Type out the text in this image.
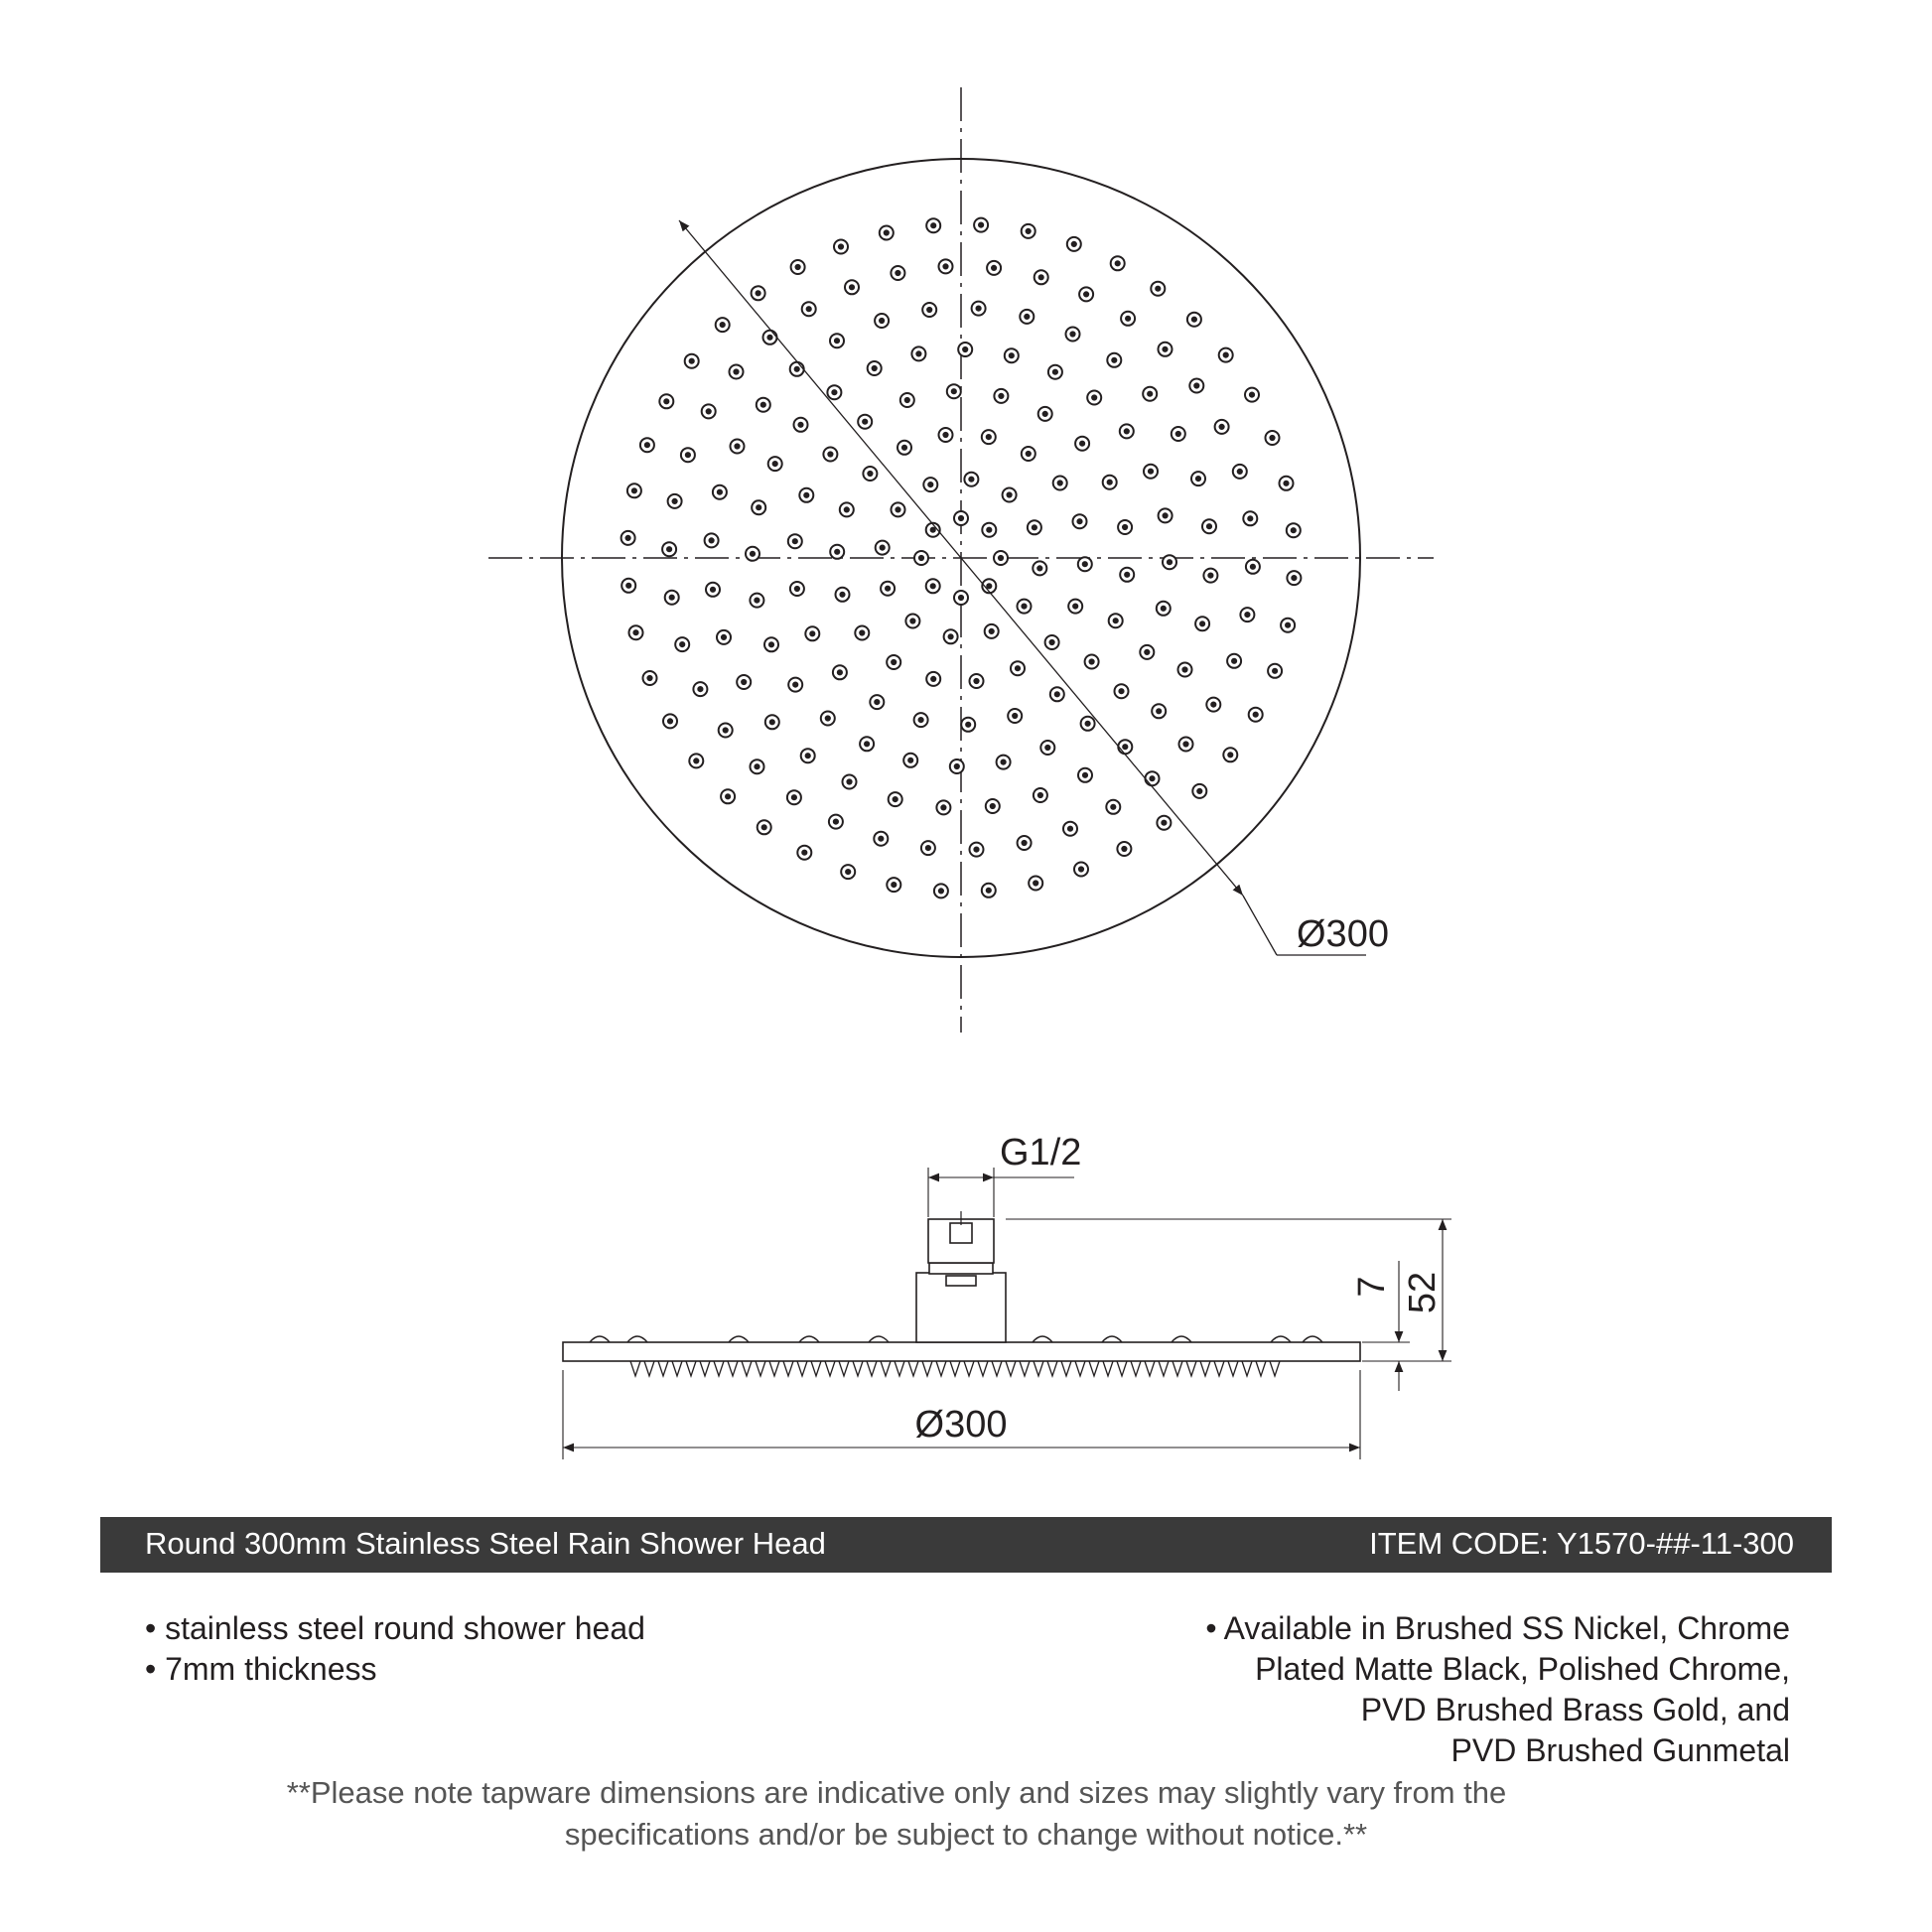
Ø300
G1/2
52
7
Ø300
Round 300mm Stainless Steel Rain Shower Head	ITEM CODE: Y1570-##-11-300
• stainless steel round shower head
• 7mm thickness
• Available in Brushed SS Nickel, Chrome
Plated Matte Black, Polished Chrome,
PVD Brushed Brass Gold, and
PVD Brushed Gunmetal
**Please note tapware dimensions are indicative only and sizes may slightly vary from the
specifications and/or be subject to change without notice.**
